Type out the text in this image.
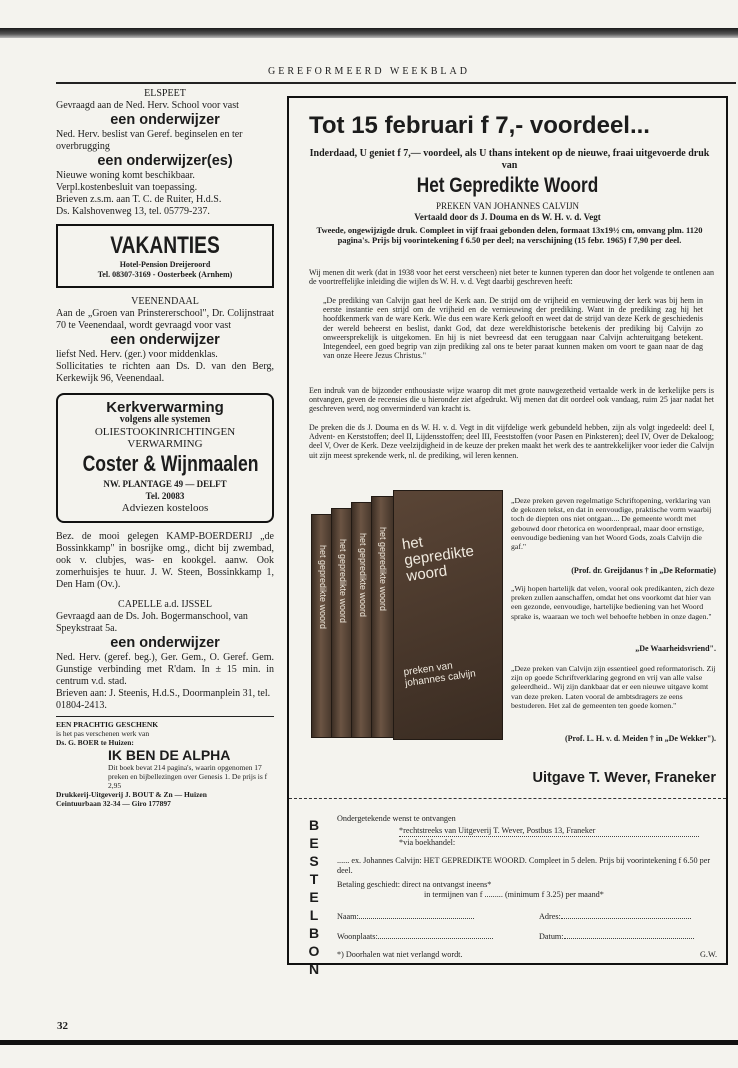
GEREFORMEERD WEEKBLAD

ELSPEET

Gevraagd aan de Ned. Herv. School voor vast

een onderwijzer

Ned. Herv. beslist van Geref. beginselen en ter overbrugging

een onderwijzer(es)

Nieuwe woning komt beschikbaar.

Verpl.kostenbesluit van toepassing.

Brieven z.s.m. aan T. C. de Ruiter, H.d.S.

Ds. Kalshovenweg 13, tel. 05779-237.

VAKANTIES
Hotel-Pension Dreijeroord
Tel. 08307-3169 - Oosterbeek (Arnhem)

VEENENDAAL

Aan de „Groen van Prinstererschool", Dr. Colijnstraat 70 te Veenendaal, wordt gevraagd voor vast

een onderwijzer

liefst Ned. Herv. (ger.) voor middenklas.

Sollicitaties te richten aan Ds. D. van den Berg, Kerkewijk 96, Veenendaal.

Kerkverwarming
volgens alle systemen
OLIESTOOKINRICHTINGEN
VERWARMING
Coster & Wijnmaalen
NW. PLANTAGE 49 — DELFT
Tel. 20083
Adviezen kosteloos

Bez. de mooi gelegen KAMP-BOERDERIJ „de Bossinkkamp" in bosrijke omg., dicht bij zwembad, ook v. clubjes, was- en kookgel. aanw. Ook zomerhuisjes te huur. J. W. Steen, Bossinkkamp 1, Den Ham (Ov.).

CAPELLE a.d. IJSSEL

Gevraagd aan de Ds. Joh. Bogermanschool, van Speykstraat 5a.

een onderwijzer

Ned. Herv. (geref. beg.), Ger. Gem., O. Geref. Gem. Gunstige verbinding met R'dam. In ± 15 min. in centrum v.d. stad.

Brieven aan: J. Steenis, H.d.S., Doormanplein 31, tel. 01804-2413.

EEN PRACHTIG GESCHENK
is het pas verschenen werk van
Ds. G. BOER te Huizen:
IK BEN DE ALPHA
Dit boek bevat 214 pagina's, waarin opgenomen 17 preken en bijbellezingen over Genesis 1. De prijs is f 2,95
Drukkerij-Uitgeverij J. BOUT & Zn — Huizen
Ceintuurbaan 32-34 — Giro 177897
Tot 15 februari f 7,- voordeel...
Inderdaad, U geniet f 7,— voordeel, als U thans intekent op de nieuwe, fraai uitgevoerde druk van
Het Gepredikte Woord
PREKEN VAN JOHANNES CALVIJN
Vertaald door ds J. Douma en ds W. H. v. d. Vegt
Tweede, ongewijzigde druk. Compleet in vijf fraai gebonden delen, formaat 13x19½ cm, omvang plm. 1120 pagina's. Prijs bij voorintekening f 6.50 per deel; na verschijning (15 febr. 1965) f 7,90 per deel.
Wij menen dit werk (dat in 1938 voor het eerst verscheen) niet beter te kunnen typeren dan door het volgende te ontlenen aan de voortreffelijke inleiding die wijlen ds W. H. v. d. Vegt daarbij geschreven heeft:
„De prediking van Calvijn gaat heel de Kerk aan. De strijd om de vrijheid en vernieuwing der kerk was bij hem in eerste instantie een strijd om de vrijheid en de vernieuwing der prediking. Want in de prediking zag hij het hoofdkenmerk van de ware Kerk. Wie dus een ware Kerk gelooft en weet dat de strijd van deze Kerk de geschiedenis der wereld beheerst en beslist, dankt God, dat deze wereldhistorische betekenis der prediking bij Calvijn zo onweersprekelijk is uitgekomen. En hij is niet bevreesd dat een teruggaan naar Calvijn achteruitgang betekent. Integendeel, een goed begrip van zijn prediking zal ons te beter paraat kunnen maken om voort te gaan naar de dag van onze Heere Jezus Christus."
Een indruk van de bijzonder enthousiaste wijze waarop dit met grote nauwgezetheid vertaalde werk in de kerkelijke pers is ontvangen, geven de recensies die u hieronder ziet afgedrukt. Wij menen dat dit oordeel ook vandaag, ruim 25 jaar nadat het geschreven werd, nog onverminderd van kracht is.
De preken die ds J. Douma en ds W. H. v. d. Vegt in dit vijfdelige werk gebundeld hebben, zijn als volgt ingedeeld: deel I, Advent- en Kerststoffen; deel II, Lijdensstoffen; deel III, Feeststoffen (voor Pasen en Pinksteren); deel IV, Over de Dekaloog; deel V, Over de Kerk. Deze veelzijdigheid in de keuze der preken maakt het werk des te aantrekkelijker voor ieder die Calvijn uit zijn meest sprekende werk, nl. de prediking, wil leren kennen.
het gepredikte woord het gepredikte woord het gepredikte woord het gepredikte woord het gepredikte woord
preken van johannes calvijn
„Deze preken geven regelmatige Schriftopening, verklaring van de gekozen tekst, en dat in eenvoudige, praktische vorm waarbij toch de diepten ons niet ontgaan.... De gemeente wordt met gebouwd door rhetorica en woordenpraal, maar door ernstige, eenvoudige bediening van het Woord Gods, zoals Calvijn die gaf."
(Prof. dr. Greijdanus † in „De Reformatie)
„Wij hopen hartelijk dat velen, vooral ook predikanten, zich deze preken zullen aanschaffen, omdat het ons voorkomt dat hier van een gezonde, eenvoudige, hartelijke bediening van het Woord sprake is, waaraan we toch wel behoefte hebben in onze dagen."
„De Waarheidsvriend".
„Deze preken van Calvijn zijn essentieel goed reformatorisch. Zij zijn op goede Schriftverklaring gegrond en vrij van alle valse geleerdheid.. Wij zijn dankbaar dat er een nieuwe uitgave komt van deze preken. Laten vooral de ambtsdragers ze eens bestuderen. Het zal de gemeenten ten goede komen."
(Prof. L. H. v. d. Meiden † in „De Wekker").
Uitgave T. Wever, Franeker
B
E
S
T
E
L
B
O
N
Ondergetekende wenst te ontvangen
*rechtstreeks van Uitgeverij T. Wever, Postbus 13, Franeker
*via boekhandel:
...... ex. Johannes Calvijn: HET GEPREDIKTE WOORD. Compleet in 5 delen. Prijs bij voorintekening f 6.50 per deel.
Betaling geschiedt: direct na ontvangst ineens*
in termijnen van f ......... (minimum f 3.25) per maand*
Naam:	Adres:
Woonplaats:	Datum:
*) Doorhalen wat niet verlangd wordt.	G.W.
32
